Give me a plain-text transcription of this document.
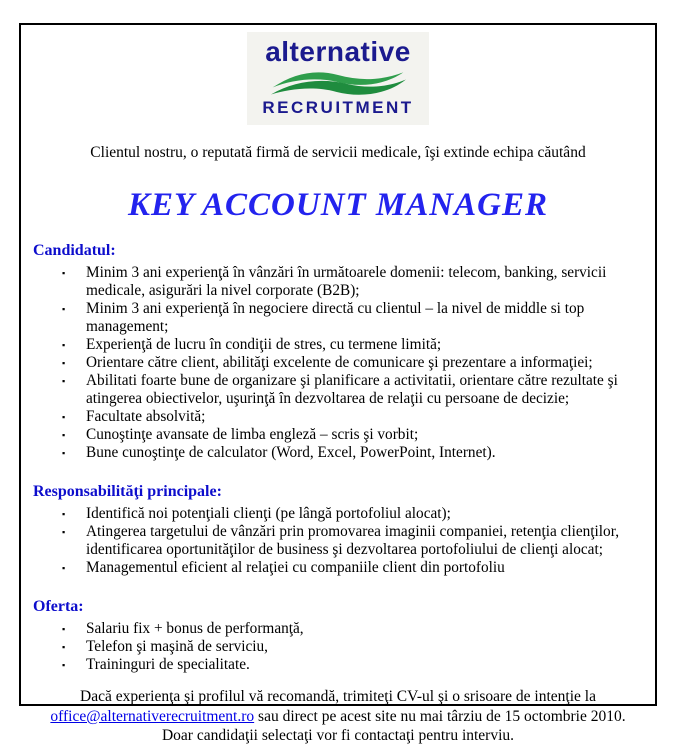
alternative
RECRUITMENT
Clientul nostru, o reputată firmă de servicii medicale, îşi extinde echipa căutând
KEY ACCOUNT MANAGER
Candidatul:
▪	Minim 3 ani experienţă în vânzări în următoarele domenii: telecom, banking, servicii medicale, asigurări la nivel corporate (B2B);
▪	Minim 3 ani experienţă în negociere directă cu clientul – la nivel de middle si top management;
▪	Experienţă de lucru în condiţii de stres, cu termene limită;
▪	Orientare către client, abilităţi excelente de comunicare şi prezentare a informaţiei;
▪	Abilitati foarte bune de organizare şi planificare a activitatii, orientare către rezultate şi atingerea obiectivelor, uşurinţă în dezvoltarea de relaţii cu persoane de decizie;
▪	Facultate absolvită;
▪	Cunoştinţe avansate de limba engleză – scris şi vorbit;
▪	Bune cunoştinţe de calculator (Word, Excel, PowerPoint, Internet).
Responsabilităţi principale:
▪	Identifică noi potenţiali clienţi (pe lângă portofoliul alocat);
▪	Atingerea targetului de vânzări prin promovarea imaginii companiei, retenţia clienţilor, identificarea oportunităţilor de business şi dezvoltarea portofoliului de clienţi alocat;
▪	Managementul eficient al relaţiei cu companiile client din portofoliu
Oferta:
▪	Salariu fix + bonus de performanţă,
▪	Telefon şi maşină de serviciu,
▪	Traininguri de specialitate.
Dacă experienţa şi profilul vă recomandă, trimiteţi CV-ul şi o srisoare de intenţie la
office@alternativerecruitment.ro sau direct pe acest site nu mai târziu de 15 octombrie 2010.
Doar candidaţii selectaţi vor fi contactaţi pentru interviu.
